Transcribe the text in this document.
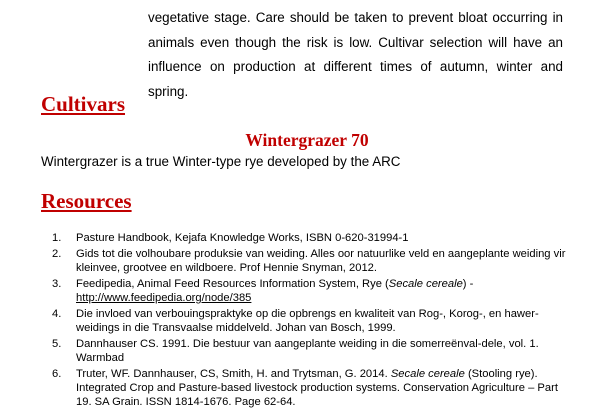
vegetative stage. Care should be taken to prevent bloat occurring in animals even though the risk is low. Cultivar selection will have an influence on production at different times of autumn, winter and spring.
Cultivars
Wintergrazer 70

Wintergrazer is a true Winter-type rye developed by the ARC

Resources
1. Pasture Handbook, Kejafa Knowledge Works, ISBN 0-620-31994-1
2. Gids tot die volhoubare produksie van weiding. Alles oor natuurlike veld en aangeplante weiding vir kleinvee, grootvee en wildboere. Prof Hennie Snyman, 2012.
3. Feedipedia, Animal Feed Resources Information System, Rye (Secale cereale) -
http://www.feedipedia.org/node/385
4. Die invloed van verbouingspraktyke op die opbrengs en kwaliteit van Rog-, Korog-, en hawer-weidings in die Transvaalse middelveld. Johan van Bosch, 1999.
5. Dannhauser CS. 1991. Die bestuur van aangeplante weiding in die somerreënval-dele, vol. 1. Warmbad
6. Truter, WF. Dannhauser, CS, Smith, H. and Trytsman, G. 2014. Secale cereale (Stooling rye). Integrated Crop and Pasture-based livestock production systems. Conservation Agriculture – Part 19. SA Grain. ISSN 1814-1676. Page 62-64.
